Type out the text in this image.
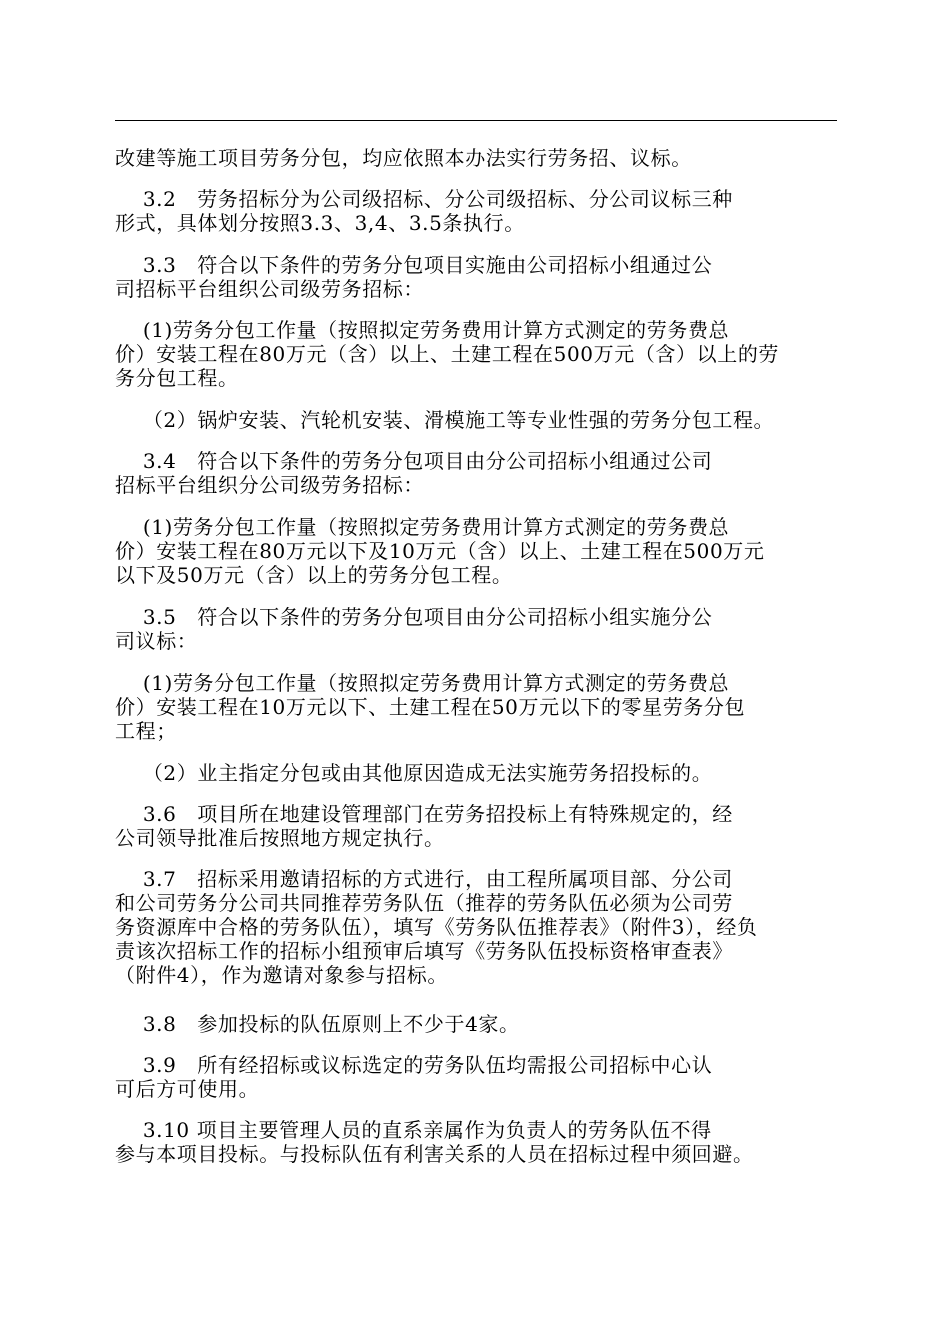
改建等施工项目劳务分包，均应依照本办法实行劳务招、议标。
3.2   劳务招标分为公司级招标、分公司级招标、分公司议标三种
形式，具体划分按照3.3、3,4、3.5条执行。
3.3   符合以下条件的劳务分包项目实施由公司招标小组通过公
司招标平台组织公司级劳务招标：
(1)劳务分包工作量（按照拟定劳务费用计算方式测定的劳务费总
价）安装工程在80万元（含）以上、土建工程在500万元（含）以上的劳
务分包工程。
（2）锅炉安装、汽轮机安装、滑模施工等专业性强的劳务分包工程。
3.4   符合以下条件的劳务分包项目由分公司招标小组通过公司
招标平台组织分公司级劳务招标：
(1)劳务分包工作量（按照拟定劳务费用计算方式测定的劳务费总
价）安装工程在80万元以下及10万元（含）以上、土建工程在500万元
以下及50万元（含）以上的劳务分包工程。
3.5   符合以下条件的劳务分包项目由分公司招标小组实施分公
司议标：
(1)劳务分包工作量（按照拟定劳务费用计算方式测定的劳务费总
价）安装工程在10万元以下、土建工程在50万元以下的零星劳务分包
工程；
（2）业主指定分包或由其他原因造成无法实施劳务招投标的。
3.6   项目所在地建设管理部门在劳务招投标上有特殊规定的，经
公司领导批准后按照地方规定执行。
3.7   招标采用邀请招标的方式进行，由工程所属项目部、分公司
和公司劳务分公司共同推荐劳务队伍（推荐的劳务队伍必须为公司劳
务资源库中合格的劳务队伍），填写《劳务队伍推荐表》（附件3），经负
责该次招标工作的招标小组预审后填写《劳务队伍投标资格审查表》
（附件4），作为邀请对象参与招标。
3.8   参加投标的队伍原则上不少于4家。
3.9   所有经招标或议标选定的劳务队伍均需报公司招标中心认
可后方可使用。
3.10 项目主要管理人员的直系亲属作为负责人的劳务队伍不得
参与本项目投标。与投标队伍有利害关系的人员在招标过程中须回避。
